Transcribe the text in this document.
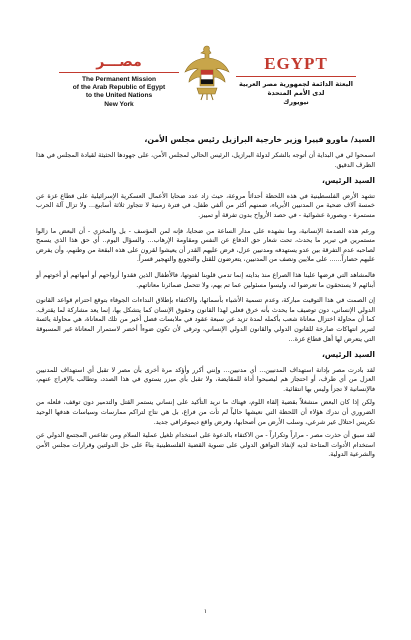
مصـــر
The Permanent Mission
of the Arab Republic of Egypt
to the United Nations
New York
EGYPT
البعثة الدائمة لجمهورية مصر العربية
لدى الأمم المتحدة
نيويورك
السيد/ ماورو فييرا وزير خارجية البرازيل رئيس مجلس الأمن،

اسمحوا لي في البداية أن أتوجه بالشكر لدولة البرازيل، الرئيس الحالي لمجلس الأمن، على جهودها الحثيثة لقيادة المجلس في هذا الظرف الدقيق.

السيد الرئيس،

تشهد الأرض الفلسطينية في هذه اللحظة أحداثاً مروعة، حيث زاد عدد ضحايا الأعمال العسكرية الإسرائيلية على قطاع غزة عن خمسة آلاف ضحية من المدنيين الأبرياء، ضمنهم أكثر من ألفي طفل، في فترة زمنية لا تتجاوز ثلاثة أسابيع... ولا تزال آلة الحرب مستمرة - وبصورة عشوائية - في حصد الأرواح بدون تفرقة أو تمييز.

ورغم هذه الصدمة الإنسانية، وما نشهده على مدار الساعة من ضحايا، فإنه لمن المؤسف - بل والمخزي - أن البعض ما زالوا مستمرين في تبرير ما يحدث، تحت شعار حق الدفاع عن النفس ومقاومة الإرهاب... والسؤال اليوم.. أي حق هذا الذي يسمح لصاحبه عدم التفرقة بين عدو يستهدفه ومدنيين عزل، فرض عليهم القدر أن يعيشوا لقرون على هذه البقعة من وطنهم، وأن يفرض عليهم حصاراً...... على ملايين ونصف من المدنيين، يتعرضون للقتل والتجويع والتهجير قسراً.

فالمشاهد التي فرضها علينا هذا الصراع منذ بدايته إنما تدمي قلوبنا لفتوتها، فالأطفال الذين فقدوا أرواحهم أو أمهاتهم أو أخوتهم أو أبنائهم لا يستحقون ما تعرضوا له، وليسوا مسئولين عما تم بهم، ولا تتحمل ضمائرنا معاناتهم.

إن الصمت في هذا التوقيت مباركة، وعدم تسمية الأشياء بأسمائها، والاكتفاء بإطلاق النداءات الجوفاء بتوقع احترام قواعد القانون الدولي الإنساني، دون توصيف ما يحدث بأنه خرق فعلي لهذا القانون وحقوق الإنسان كما يتشكل بها، إنما يعد مشاركة لما يقترف. كما أن محاولة اختزال معاناة شعب بأكمله لمدة تزيد عن سبعة عقود في ملابسات فصل أخير من تلك المعاناة، هي محاولة يائسة لتبرير انتهاكات صارخة للقانون الدولي والقانون الدولي الإنساني، وترقى لأن تكون ضوءاً أخضر لاستمرار المعاناة غير المسبوقة التي يتعرض لها أهل قطاع غزة...

السيد الرئيس،

لقد بادرت مصر بإدانة استهداف المدنيين... أي مدنيين... وإنني أكرر وأؤكد مرة أخرى بأن مصر لا تقبل أي استهداف للمدنيين العزل من أي طرف، أو احتجاز هم ليصبحوا أداة للمقايضة، ولا تقبل بأي ميزر يستوي في هذا الصدد، وتطالب بالإفراج عنهم، فالإنسانية لا تجزأ وليس بها انتقائية.

ولكن إذا كان البعض منشغلاً بقضية إلقاء اللوم، فهناك ما نريد التأكيد على إنساني يستمر القتل والتدمير دون توقف، فلعله من الضروري أن ندرك هؤلاء أن اللحظة التي نعيشها حالياً لم تأت من فراغ، بل هي نتاج لتراكم ممارسات وسياسات هدفها الوحيد تكريس احتلال غير شرعي، وسلب الأرض من أصحابها، وفرض واقع ديموغرافي جديد.

لقد سبق أن حذرت مصر - مراراً وتكراراً - من الاكتفاء بالدعوة على استخدام تلغيل عملية السلام ومن تقاعس المجتمع الدولي عن استخدام الأدوات المتاحة لديه لإنفاذ التوافق الدولي على تسوية القضية الفلسطينية بناءً على حل الدولتين وقرارات مجلس الأمن والشرعية الدولية.

١
